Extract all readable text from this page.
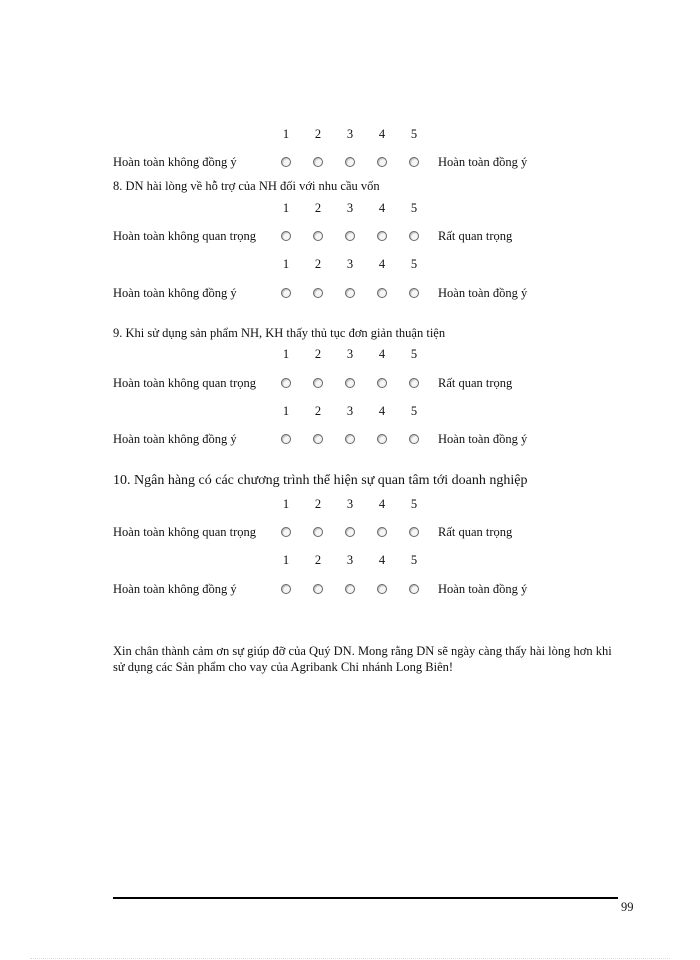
8. DN hài lòng về hỗ trợ của NH đối với nhu cầu vốn
9. Khi sử dụng sản phẩm NH, KH thấy thủ tục đơn giản thuận tiện
10. Ngân hàng có các chương trình thể hiện sự quan tâm tới doanh nghiệp
Xin chân thành cảm ơn sự giúp đỡ của Quý DN. Mong rằng DN sẽ ngày càng thấy hài lòng hơn khi sử dụng các Sản phẩm cho vay của Agribank Chi nhánh Long Biên!
99
1 2 3 4 5
Hoàn toàn không đồng ý	Hoàn toàn đồng ý
1 2 3 4 5
Hoàn toàn không quan trọng	Rất quan trọng
1 2 3 4 5
Hoàn toàn không đồng ý	Hoàn toàn đồng ý
1 2 3 4 5
Hoàn toàn không quan trọng	Rất quan trọng
1 2 3 4 5
Hoàn toàn không đồng ý	Hoàn toàn đồng ý
1 2 3 4 5
Hoàn toàn không quan trọng	Rất quan trọng
1 2 3 4 5
Hoàn toàn không đồng ý	Hoàn toàn đồng ý
